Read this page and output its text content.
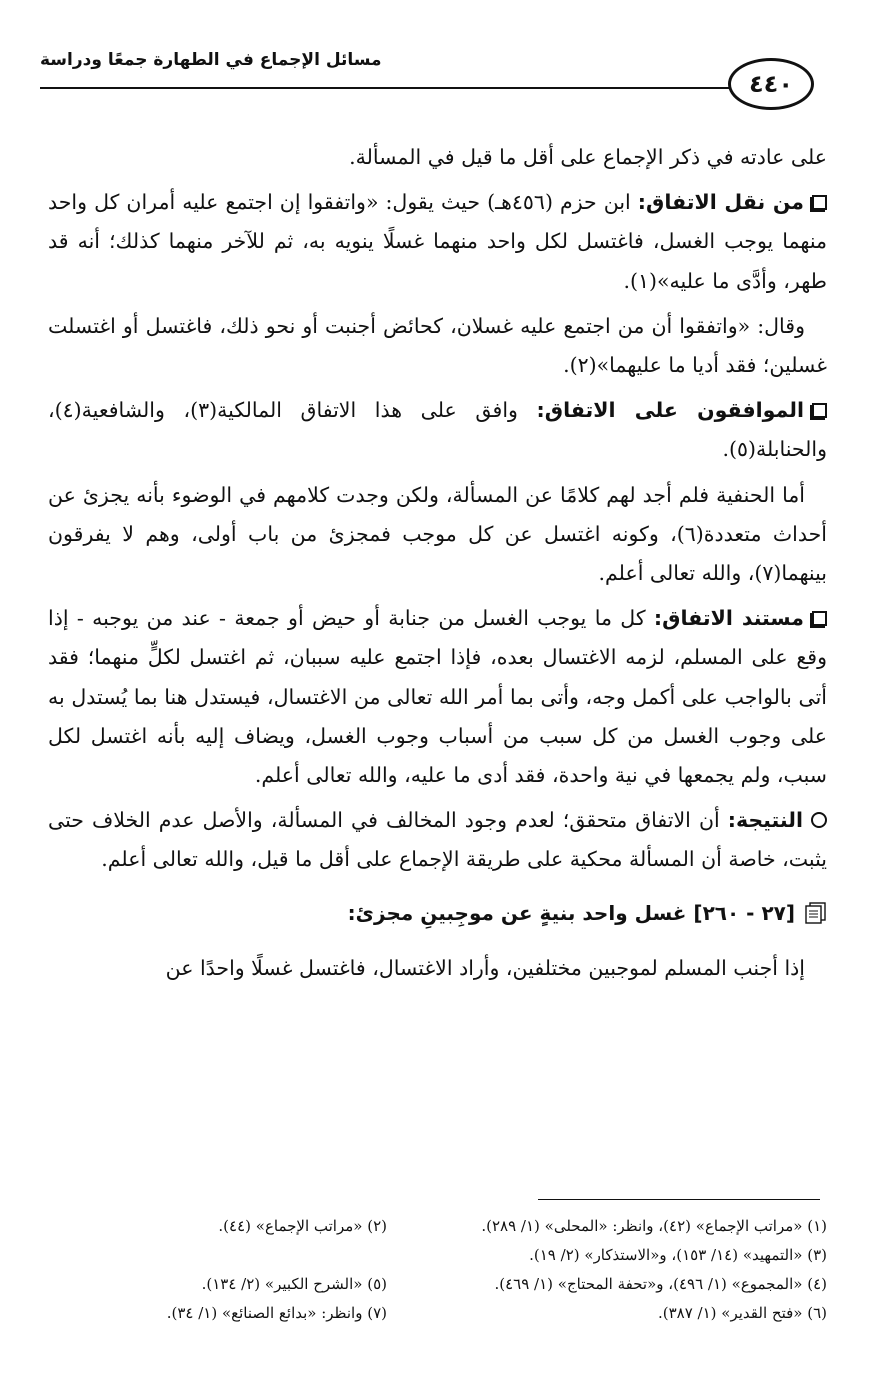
مسائل الإجماع في الطهارة جمعًا ودراسة
٤٤٠

على عادته في ذكر الإجماع على أقل ما قيل في المسألة.

من نقل الاتفاق: ابن حزم (٤٥٦هـ) حيث يقول: «واتفقوا إن اجتمع عليه أمران كل واحد منهما يوجب الغسل، فاغتسل لكل واحد منهما غسلًا ينويه به، ثم للآخر منهما كذلك؛ أنه قد طهر، وأدَّى ما عليه»(١).

وقال: «واتفقوا أن من اجتمع عليه غسلان، كحائض أجنبت أو نحو ذلك، فاغتسل أو اغتسلت غسلين؛ فقد أديا ما عليهما»(٢).

الموافقون على الاتفاق: وافق على هذا الاتفاق المالكية(٣)، والشافعية(٤)، والحنابلة(٥).

أما الحنفية فلم أجد لهم كلامًا عن المسألة، ولكن وجدت كلامهم في الوضوء بأنه يجزئ عن أحداث متعددة(٦)، وكونه اغتسل عن كل موجب فمجزئ من باب أولى، وهم لا يفرقون بينهما(٧)، والله تعالى أعلم.

مستند الاتفاق: كل ما يوجب الغسل من جنابة أو حيض أو جمعة - عند من يوجبه - إذا وقع على المسلم، لزمه الاغتسال بعده، فإذا اجتمع عليه سببان، ثم اغتسل لكلٍّ منهما؛ فقد أتى بالواجب على أكمل وجه، وأتى بما أمر الله تعالى من الاغتسال، فيستدل هنا بما يُستدل به على وجوب الغسل من كل سبب من أسباب وجوب الغسل، ويضاف إليه بأنه اغتسل لكل سبب، ولم يجمعها في نية واحدة، فقد أدى ما عليه، والله تعالى أعلم.

النتيجة: أن الاتفاق متحقق؛ لعدم وجود المخالف في المسألة، والأصل عدم الخلاف حتى يثبت، خاصة أن المسألة محكية على طريقة الإجماع على أقل ما قيل، والله تعالى أعلم.

[٢٧ - ٢٦٠] غسل واحد بنيةٍ عن موجِبينِ مجزئ:

إذا أجنب المسلم لموجبين مختلفين، وأراد الاغتسال، فاغتسل غسلًا واحدًا عن

(١) «مراتب الإجماع» (٤٢)، وانظر: «المحلى» (١/ ٢٨٩).
(٢) «مراتب الإجماع» (٤٤).
(٣) «التمهيد» (١٤/ ١٥٣)، و«الاستذكار» (٢/ ١٩).
(٤) «المجموع» (١/ ٤٩٦)، و«تحفة المحتاج» (١/ ٤٦٩).
(٥) «الشرح الكبير» (٢/ ١٣٤).
(٦) «فتح القدير» (١/ ٣٨٧).
(٧) وانظر: «بدائع الصنائع» (١/ ٣٤).
